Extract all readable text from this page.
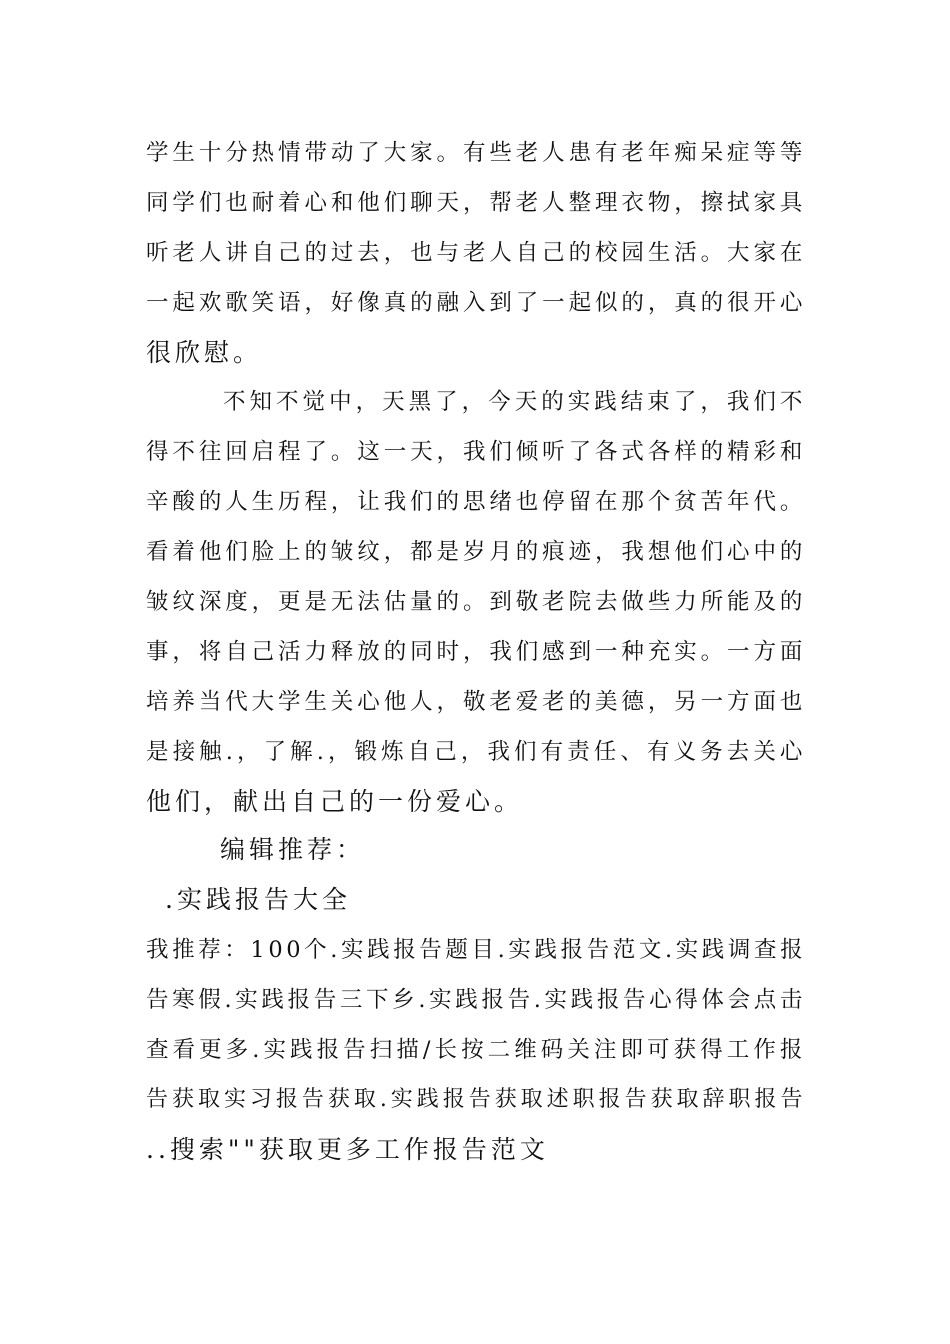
学生十分热情带动了大家。有些老人患有老年痴呆症等等
同学们也耐着心和他们聊天，帮老人整理衣物，擦拭家具
听老人讲自己的过去，也与老人自己的校园生活。大家在
一起欢歌笑语，好像真的融入到了一起似的，真的很开心
很欣慰。
不知不觉中，天黑了，今天的实践结束了，我们不
得不往回启程了。这一天，我们倾听了各式各样的精彩和
辛酸的人生历程，让我们的思绪也停留在那个贫苦年代。
看着他们脸上的皱纹，都是岁月的痕迹，我想他们心中的
皱纹深度，更是无法估量的。到敬老院去做些力所能及的
事，将自己活力释放的同时，我们感到一种充实。一方面
培养当代大学生关心他人，敬老爱老的美德，另一方面也
是接触.，了解.，锻炼自己，我们有责任、有义务去关心
他们，献出自己的一份爱心。
编辑推荐：
.实践报告大全
我推荐：100个.实践报告题目.实践报告范文.实践调查报
告寒假.实践报告三下乡.实践报告.实践报告心得体会点击
查看更多.实践报告扫描/长按二维码关注即可获得工作报
告获取实习报告获取.实践报告获取述职报告获取辞职报告
..搜索""获取更多工作报告范文
